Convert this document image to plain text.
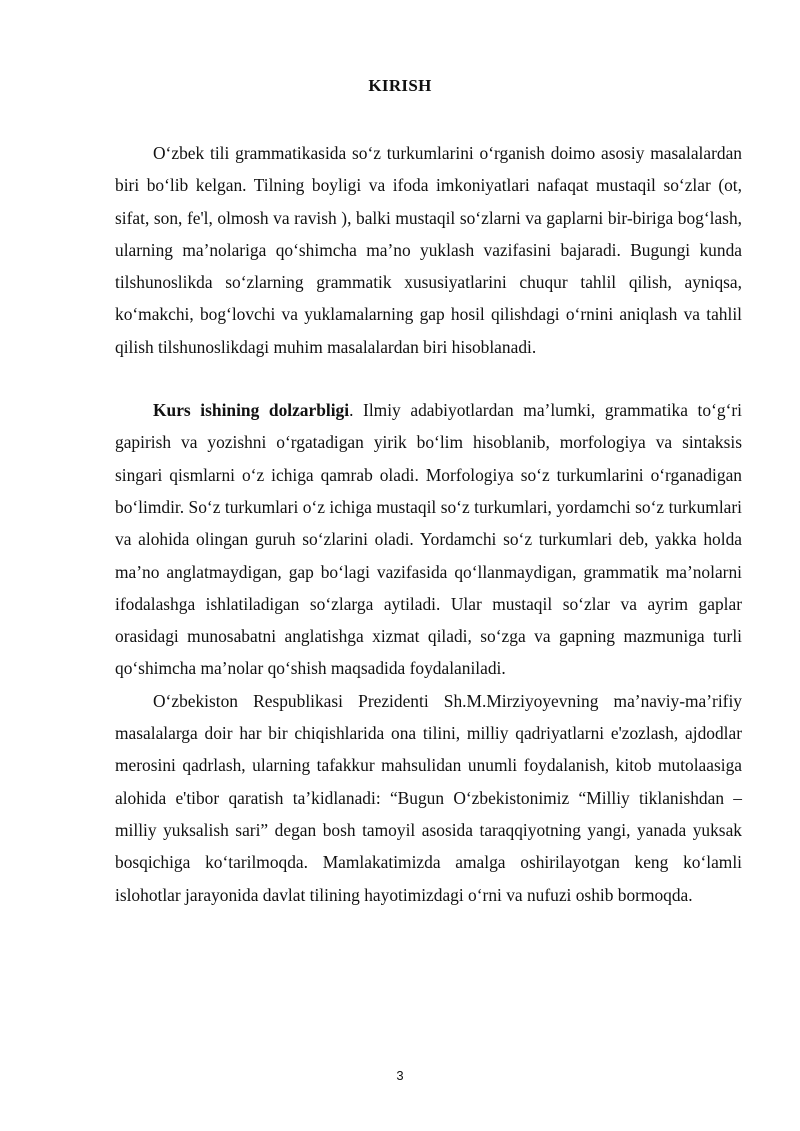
KIRISH

O‘zbek tili grammatikasida so‘z turkumlarini o‘rganish doimo asosiy masalalardan biri bo‘lib kelgan. Tilning boyligi va ifoda imkoniyatlari nafaqat mustaqil so‘zlar (ot, sifat, son, fe'l, olmosh va ravish ), balki mustaqil so‘zlarni va gaplarni bir-biriga bog‘lash, ularning ma’nolariga qo‘shimcha ma’no yuklash vazifasini bajaradi. Bugungi kunda tilshunoslikda so‘zlarning grammatik xususiyatlarini chuqur tahlil qilish, ayniqsa, ko‘makchi, bog‘lovchi va yuklamalarning gap hosil qilishdagi o‘rnini aniqlash va tahlil qilish tilshunoslikdagi muhim masalalardan biri hisoblanadi.

Kurs ishining dolzarbligi. Ilmiy adabiyotlardan ma’lumki, grammatika to‘g‘ri gapirish va yozishni o‘rgatadigan yirik bo‘lim hisoblanib, morfologiya va sintaksis singari qismlarni o‘z ichiga qamrab oladi. Morfologiya so‘z turkumlarini o‘rganadigan bo‘limdir. So‘z turkumlari o‘z ichiga mustaqil so‘z turkumlari, yordamchi so‘z turkumlari va alohida olingan guruh so‘zlarini oladi. Yordamchi so‘z turkumlari deb, yakka holda ma’no anglatmaydigan, gap bo‘lagi vazifasida qo‘llanmaydigan, grammatik ma’nolarni ifodalashga ishlatiladigan so‘zlarga aytiladi. Ular mustaqil so‘zlar va ayrim gaplar orasidagi munosabatni anglatishga xizmat qiladi, so‘zga va gapning mazmuniga turli qo‘shimcha ma’nolar qo‘shish maqsadida foydalaniladi.

O‘zbekiston Respublikasi Prezidenti Sh.M.Mirziyoyevning ma’naviy-ma’rifiy masalalarga doir har bir chiqishlarida ona tilini, milliy qadriyatlarni e'zozlash, ajdodlar merosini qadrlash, ularning tafakkur mahsulidan unumli foydalanish, kitob mutolaasiga alohida e'tibor qaratish ta’kidlanadi: “Bugun O‘zbekistonimiz “Milliy tiklanishdan – milliy yuksalish sari” degan bosh tamoyil asosida taraqqiyotning yangi, yanada yuksak bosqichiga ko‘tarilmoqda. Mamlakatimizda amalga oshirilayotgan keng ko‘lamli islohotlar jarayonida davlat tilining hayotimizdagi o‘rni va nufuzi oshib bormoqda.

3
